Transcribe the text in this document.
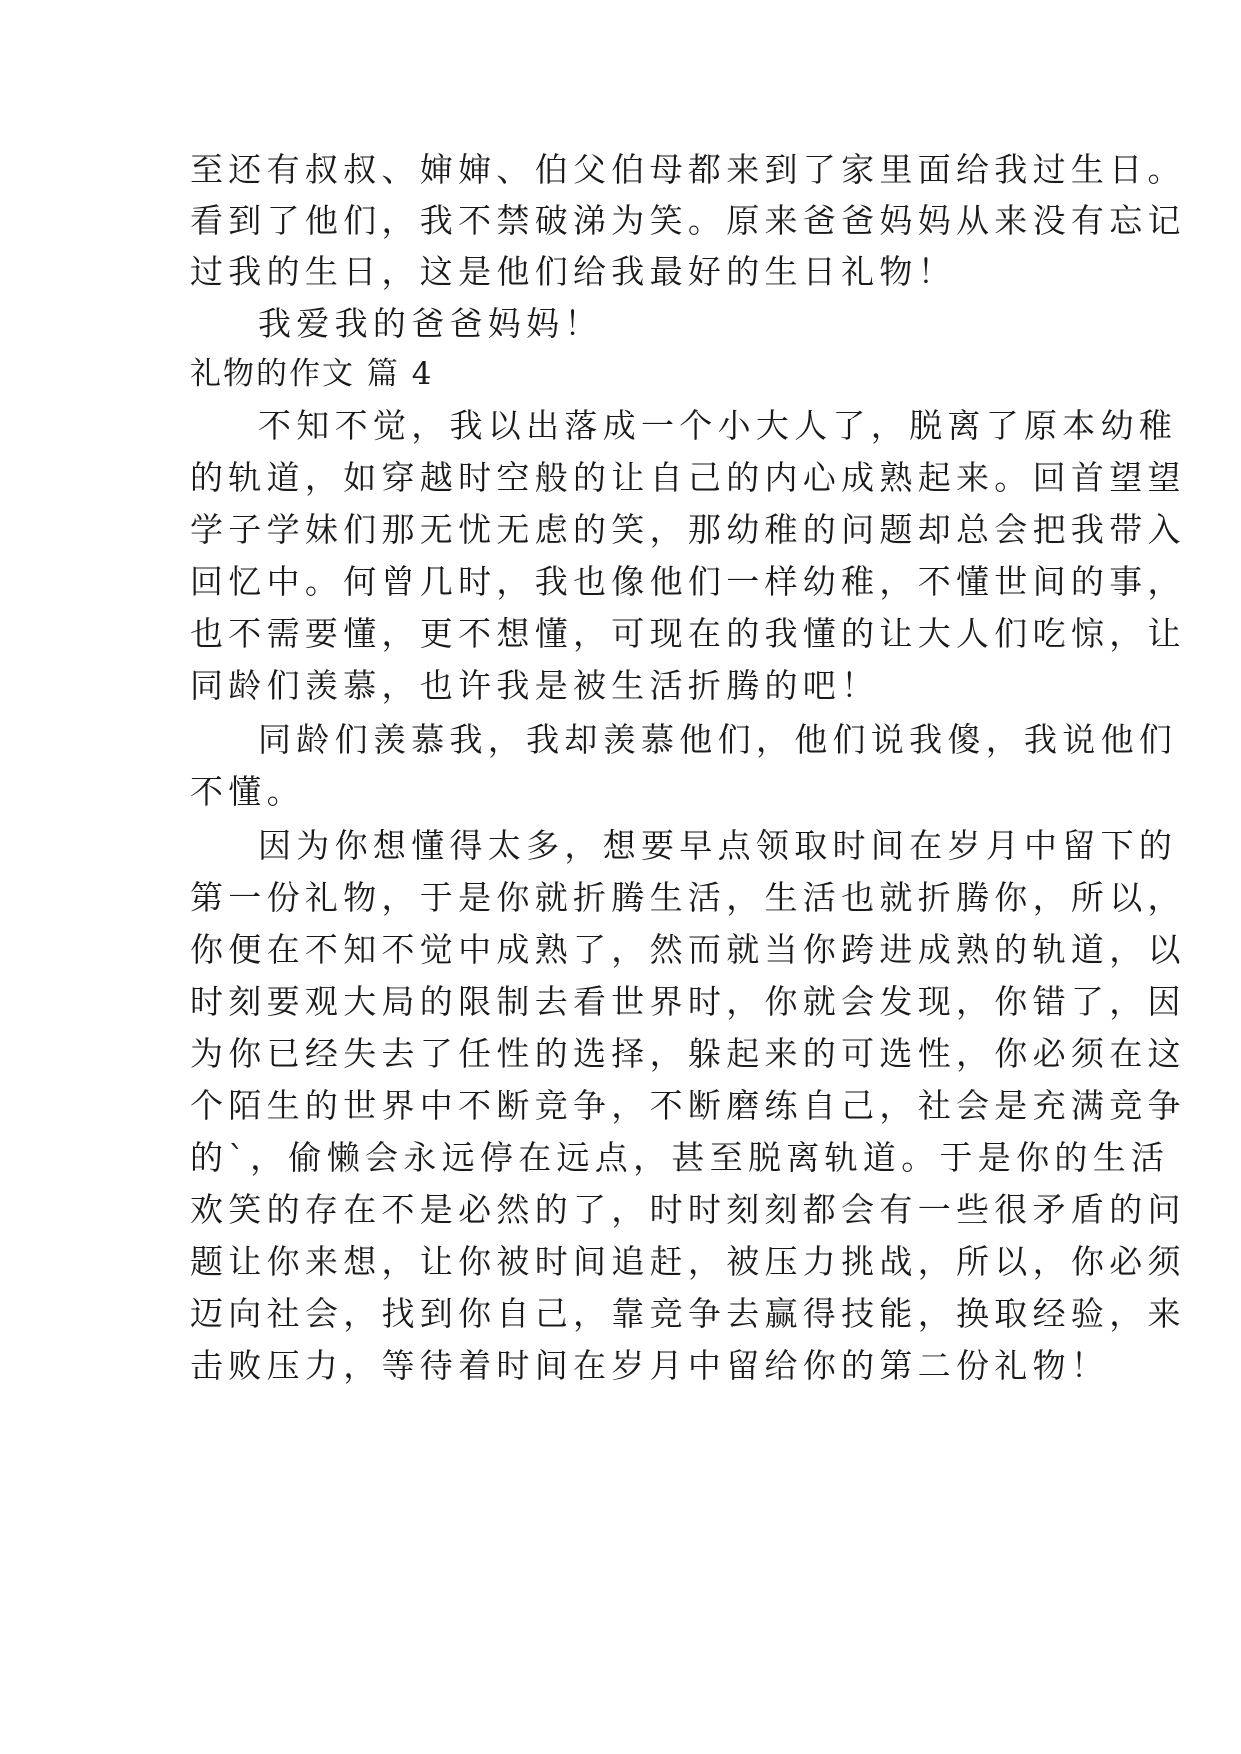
至还有叔叔、婶婶、伯父伯母都来到了家里面给我过生日。
看到了他们，我不禁破涕为笑。原来爸爸妈妈从来没有忘记
过我的生日，这是他们给我最好的生日礼物！
我爱我的爸爸妈妈！
礼物的作文 篇 4
不知不觉，我以出落成一个小大人了，脱离了原本幼稚
的轨道，如穿越时空般的让自己的内心成熟起来。回首望望
学子学妹们那无忧无虑的笑，那幼稚的问题却总会把我带入
回忆中。何曾几时，我也像他们一样幼稚，不懂世间的事，
也不需要懂，更不想懂，可现在的我懂的让大人们吃惊，让
同龄们羡慕，也许我是被生活折腾的吧！
同龄们羡慕我，我却羡慕他们，他们说我傻，我说他们
不懂。
因为你想懂得太多，想要早点领取时间在岁月中留下的
第一份礼物，于是你就折腾生活，生活也就折腾你，所以，
你便在不知不觉中成熟了，然而就当你跨进成熟的轨道，以
时刻要观大局的限制去看世界时，你就会发现，你错了，因
为你已经失去了任性的选择，躲起来的可选性，你必须在这
个陌生的世界中不断竞争，不断磨练自己，社会是充满竞争
的`，偷懒会永远停在远点，甚至脱离轨道。于是你的生活
欢笑的存在不是必然的了，时时刻刻都会有一些很矛盾的问
题让你来想，让你被时间追赶，被压力挑战，所以，你必须
迈向社会，找到你自己，靠竞争去赢得技能，换取经验，来
击败压力，等待着时间在岁月中留给你的第二份礼物！
